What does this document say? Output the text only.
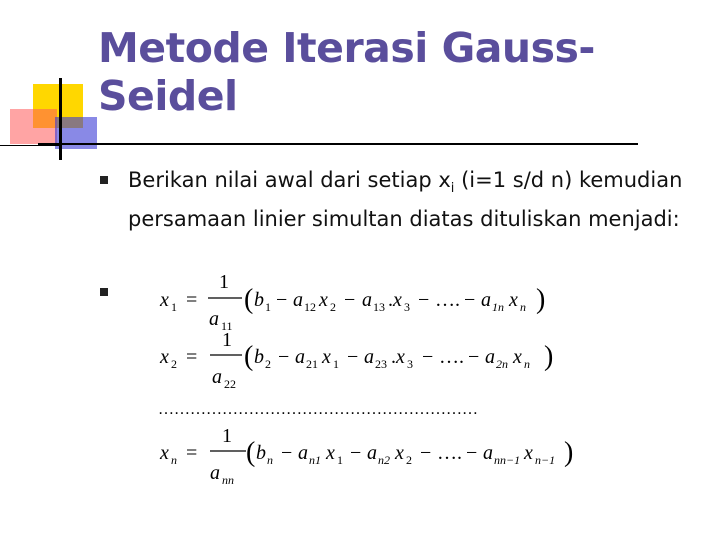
Metode Iterasi Gauss-Seidel
Berikan nilai awal dari setiap $x_i$ (i=1 s/d n) kemudian persamaan linier simultan diatas dituliskan menjadi:
x 1 =
1
a 11
( b 1 − a 12 x 2 − a 13 . x 3 − …. − a 1n x n )
x 2 =
1
a 22
( b 2 − a 21 x 1 − a 23 . x 3 − …. − a 2n x n )
……………………………………………………
x n =
1
a nn
( b n − a n1 x 1 − a n2 x 2 − …. − a nn−1 x n−1 )
